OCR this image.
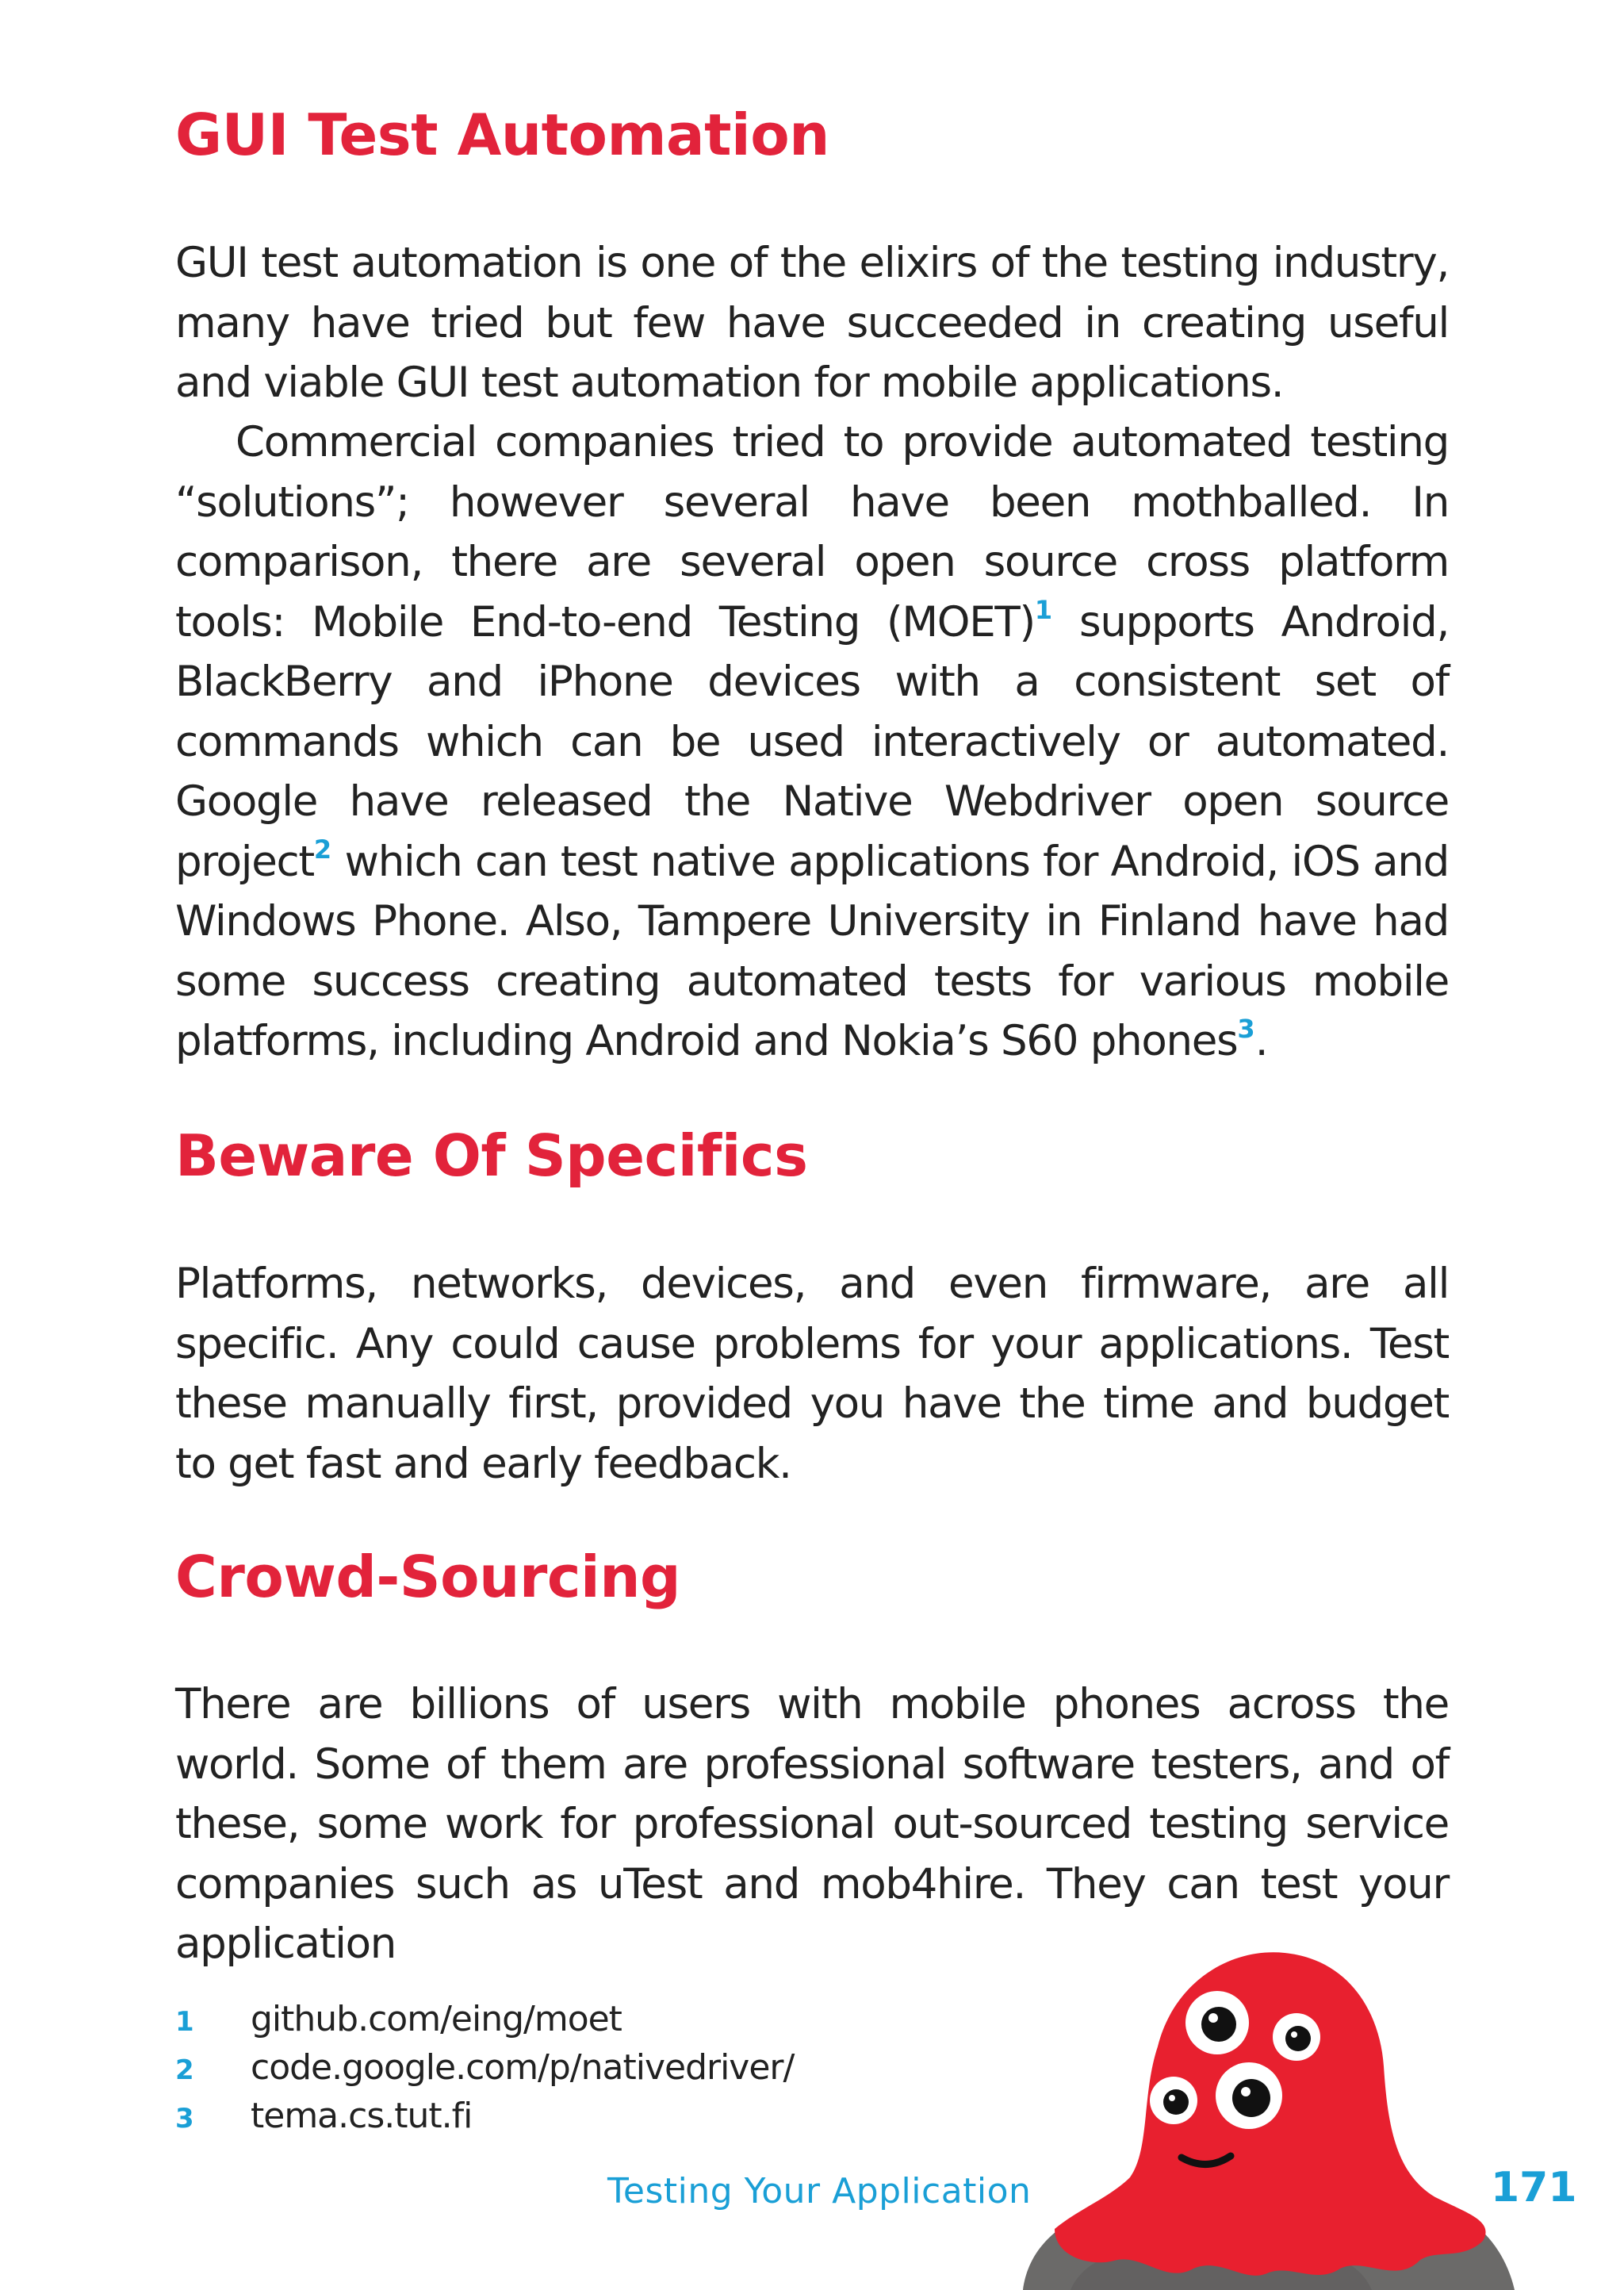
GUI Test Automation

GUI test automation is one of the elixirs of the testing industry, many have tried but few have succeeded in creating useful and viable GUI test automation for mobile applications.

Commercial companies tried to provide automated testing “solutions”; however several have been mothballed. In comparison, there are several open source cross platform tools: Mobile End-to-end Testing (MOET)$^1$ supports Android, BlackBerry and iPhone devices with a consistent set of commands which can be used interactively or automated. Google have released the Native Webdriver open source project$^2$ which can test native applications for Android, iOS and Windows Phone. Also, Tampere University in Finland have had some success creating automated tests for various mobile platforms, including Android and Nokia’s S60 phones$^3$.

Beware Of Specifics

Platforms, networks, devices, and even firmware, are all specific. Any could cause problems for your applications. Test these manually first, provided you have the time and budget to get fast and early feedback.

Crowd-Sourcing

There are billions of users with mobile phones across the world. Some of them are professional software testers, and of these, some work for professional out-sourced testing service companies such as uTest and mob4hire. They can test your application

1	github.com/eing/moet
2	code.google.com/p/nativedriver/
3	tema.cs.tut.fi
Testing Your Application	171
